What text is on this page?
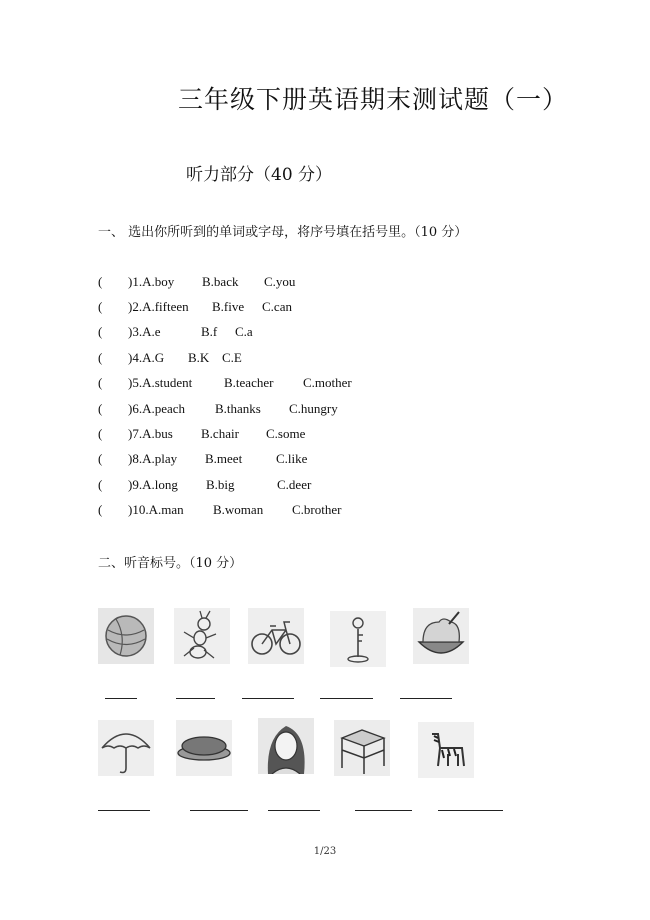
三年级下册英语期末测试题（一）
听力部分（40 分）
一、 选出你所听到的单词或字母，将序号填在括号里。（10 分）
( )1.A.boy B.back C.you
( )2.A.fifteen B.five C.can
( )3.A.e	B.f C.a
( )4.A.G B.K C.E
( )5.A.student B.teacher C.mother
( )6.A.peach B.thanks C.hungry
( )7.A.bus B.chair C.some
( )8.A.play B.meet	C.like
( )9.A.long B.big	C.deer
( )10.A.man B.woman C.brother
二、听音标号。（10 分）
1/23
